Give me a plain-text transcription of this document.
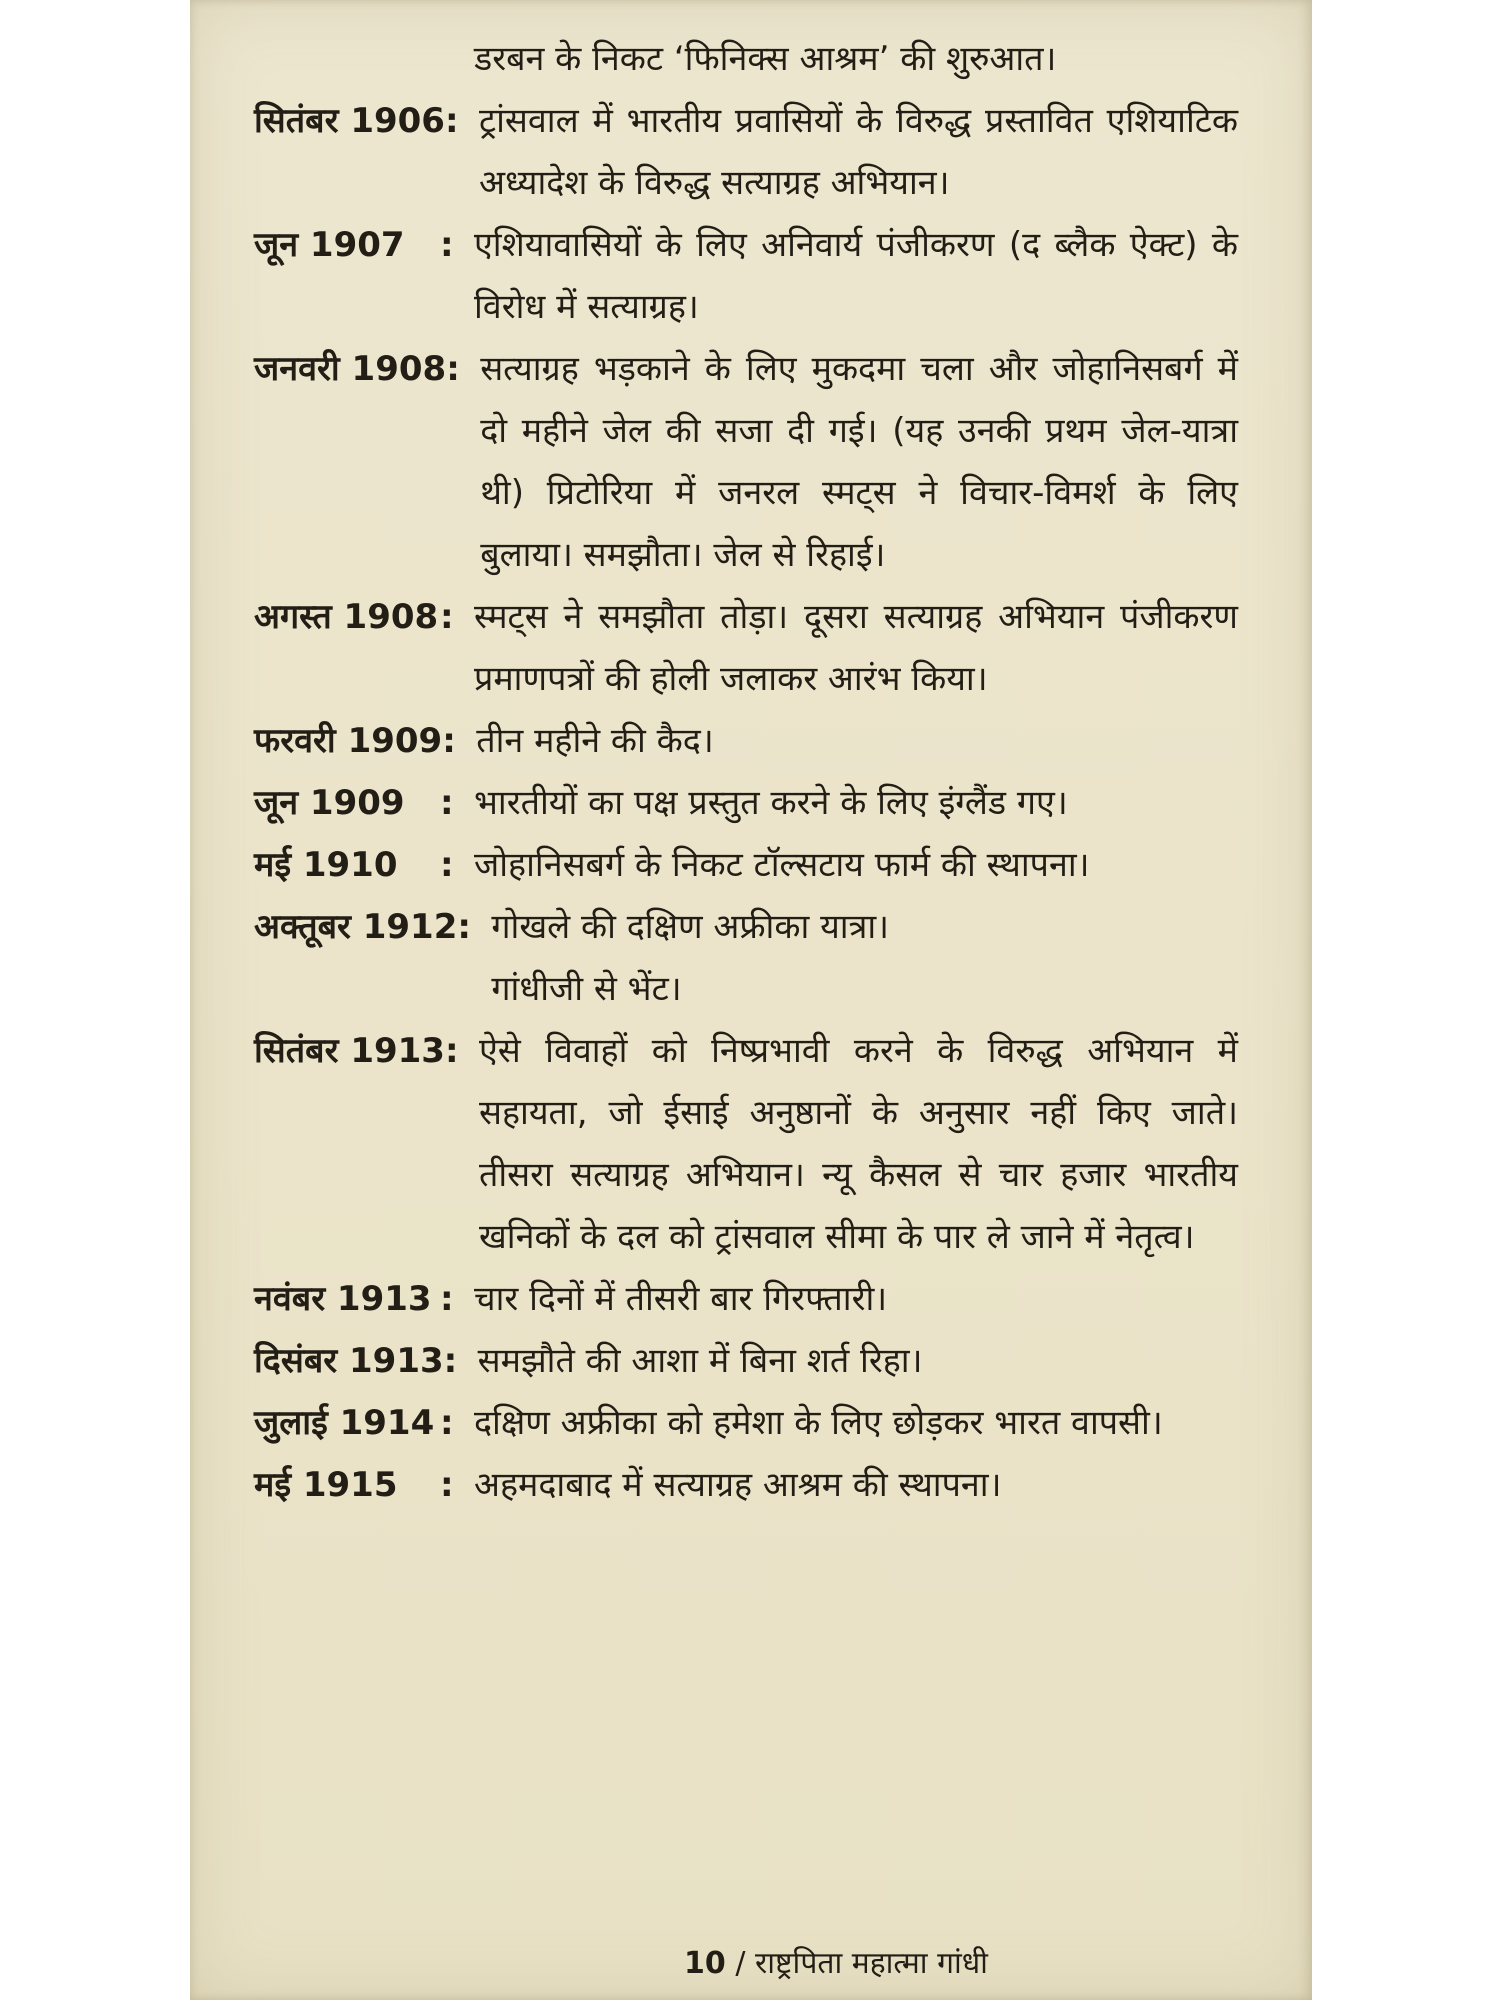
डरबन के निकट ‘फिनिक्स आश्रम’ की शुरुआत।
सितंबर 1906 : ट्रांसवाल में भारतीय प्रवासियों के विरुद्ध प्रस्तावित एशियाटिक अध्यादेश के विरुद्ध सत्याग्रह अभियान।
जून 1907	: एशियावासियों के लिए अनिवार्य पंजीकरण (द ब्लैक ऐक्ट) के विरोध में सत्याग्रह।
जनवरी 1908 : सत्याग्रह भड़काने के लिए मुकदमा चला और जोहानिसबर्ग में दो महीने जेल की सजा दी गई। (यह उनकी प्रथम जेल-यात्रा थी) प्रिटोरिया में जनरल स्मट्स ने विचार-विमर्श के लिए बुलाया। समझौता। जेल से रिहाई।
अगस्त 1908 : स्मट्स ने समझौता तोड़ा। दूसरा सत्याग्रह अभियान पंजीकरण प्रमाणपत्रों की होली जलाकर आरंभ किया।
फरवरी 1909 : तीन महीने की कैद।
जून 1909	: भारतीयों का पक्ष प्रस्तुत करने के लिए इंग्लैंड गए।
मई 1910	: जोहानिसबर्ग के निकट टॉल्सटाय फार्म की स्थापना।
अक्तूबर 1912 : गोखले की दक्षिण अफ्रीका यात्रा।
गांधीजी से भेंट।
सितंबर 1913 : ऐसे विवाहों को निष्प्रभावी करने के विरुद्ध अभियान में सहायता, जो ईसाई अनुष्ठानों के अनुसार नहीं किए जाते। तीसरा सत्याग्रह अभियान। न्यू कैसल से चार हजार भारतीय खनिकों के दल को ट्रांसवाल सीमा के पार ले जाने में नेतृत्व।
नवंबर 1913 : चार दिनों में तीसरी बार गिरफ्तारी।
दिसंबर 1913 : समझौते की आशा में बिना शर्त रिहा।
जुलाई 1914 : दक्षिण अफ्रीका को हमेशा के लिए छोड़कर भारत वापसी।
मई 1915	: अहमदाबाद में सत्याग्रह आश्रम की स्थापना।
10 / राष्ट्रपिता महात्मा गांधी
